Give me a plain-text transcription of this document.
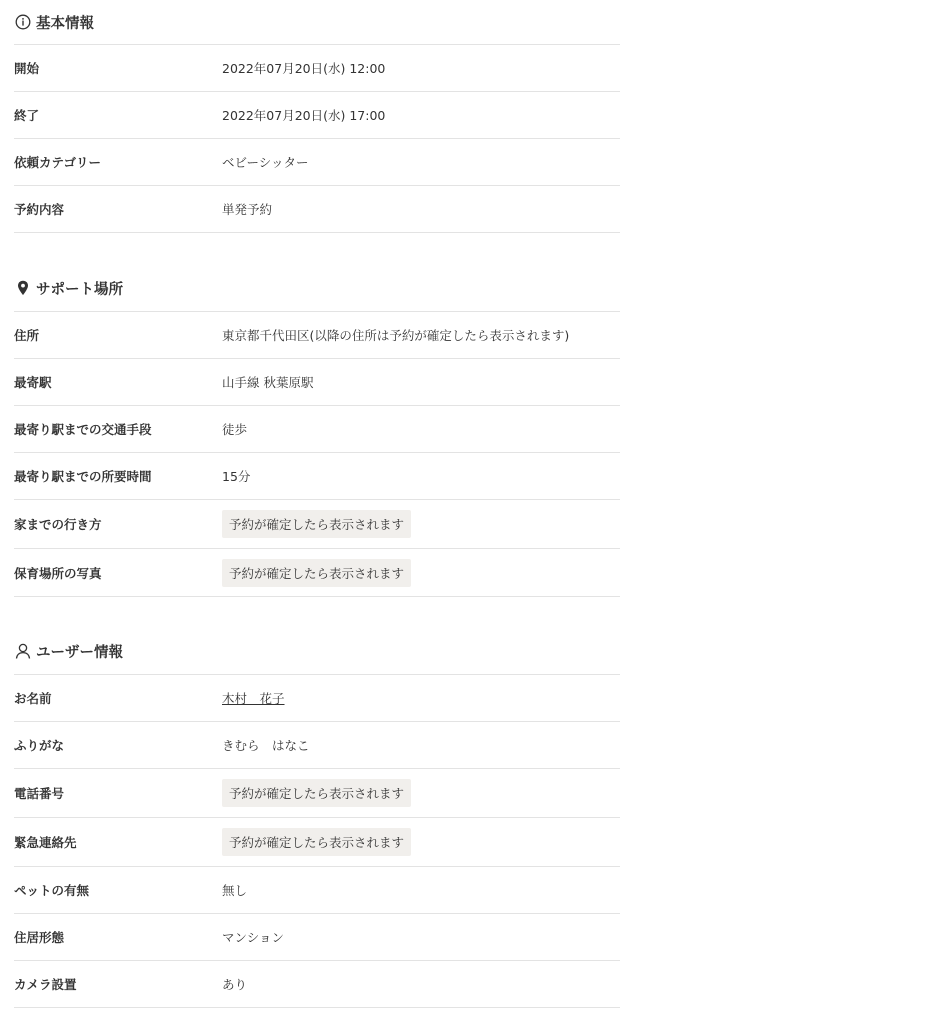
基本情報
開始	2022年07月20日(水) 12:00
終了	2022年07月20日(水) 17:00
依頼カテゴリー	ベビーシッター
予約内容	単発予約
サポート場所
住所	東京都千代田区(以降の住所は予約が確定したら表示されます)
最寄駅	山手線 秋葉原駅
最寄り駅までの交通手段	徒歩
最寄り駅までの所要時間	15分
家までの行き方	予約が確定したら表示されます
保育場所の写真	予約が確定したら表示されます
ユーザー情報
お名前	木村　花子
ふりがな	きむら　はなこ
電話番号	予約が確定したら表示されます
緊急連絡先	予約が確定したら表示されます
ペットの有無	無し
住居形態	マンション
カメラ設置	あり
